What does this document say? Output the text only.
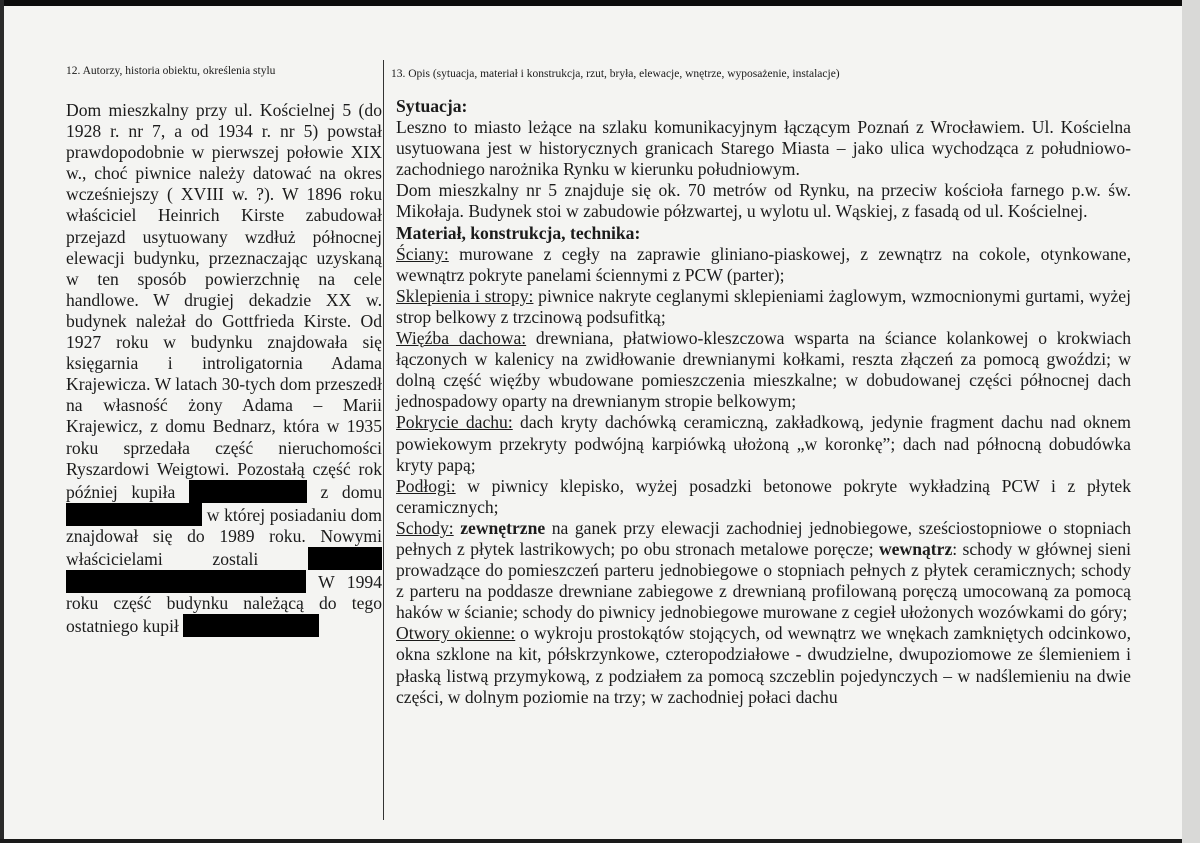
12. Autorzy, historia obiektu, określenia stylu	13. Opis (sytuacja, materiał i konstrukcja, rzut, bryła, elewacje, wnętrze, wyposażenie, instalacje)

Dom mieszkalny przy ul. Kościelnej 5 (do 1928 r. nr 7, a od 1934 r. nr 5) powstał prawdopodobnie w pierwszej połowie XIX w., choć piwnice należy datować na okres wcześniejszy ( XVIII w. ?). W 1896 roku właściciel Heinrich Kirste zabudował przejazd usytuowany wzdłuż północnej elewacji budynku, przeznaczając uzyskaną w ten sposób powierzchnię na cele handlowe. W drugiej dekadzie XX w. budynek należał do Gottfrieda Kirste. Od 1927 roku w budynku znajdowała się księgarnia i introligatornia Adama Krajewicza. W latach 30-tych dom przeszedł na własność żony Adama – Marii Krajewicz, z domu Bednarz, która w 1935 roku sprzedała część nieruchomości Ryszardowi Weigtowi. Pozostałą część rok później kupiła	z domu  w której posiadaniu dom znajdował się do 1989 roku. Nowymi właścicielami zostali   W 1994 roku część budynku należącą do tego ostatniego kupił

Sytuacja:

Leszno to miasto leżące na szlaku komunikacyjnym łączącym Poznań z Wrocławiem. Ul. Kościelna usytuowana jest w historycznych granicach Starego Miasta – jako ulica wychodząca z południowo-zachodniego narożnika Rynku w kierunku południowym.

Dom mieszkalny nr 5 znajduje się ok. 70 metrów od Rynku, na przeciw kościoła farnego p.w. św. Mikołaja. Budynek stoi w zabudowie półzwartej, u wylotu ul. Wąskiej, z fasadą od ul. Kościelnej.

Materiał, konstrukcja, technika:

Ściany: murowane z cegły na zaprawie gliniano-piaskowej, z zewnątrz na cokole, otynkowane, wewnątrz pokryte panelami ściennymi z PCW (parter);

Sklepienia i stropy: piwnice nakryte ceglanymi sklepieniami żaglowym, wzmocnionymi gurtami, wyżej strop belkowy z trzcinową podsufitką;

Więźba dachowa: drewniana, płatwiowo-kleszczowa wsparta na ściance kolankowej o krokwiach łączonych w kalenicy na zwidłowanie drewnianymi kołkami, reszta złączeń za pomocą gwoździ; w dolną część więźby wbudowane pomieszczenia mieszkalne; w dobudowanej części północnej dach jednospadowy oparty na drewnianym stropie belkowym;

Pokrycie dachu: dach kryty dachówką ceramiczną, zakładkową, jedynie fragment dachu nad oknem powiekowym przekryty podwójną karpiówką ułożoną „w koronkę”; dach nad północną dobudówka kryty papą;

Podłogi: w piwnicy klepisko, wyżej posadzki betonowe pokryte wykładziną PCW i z płytek ceramicznych;

Schody: zewnętrzne na ganek przy elewacji zachodniej jednobiegowe, sześciostopniowe o stopniach pełnych z płytek lastrikowych; po obu stronach metalowe poręcze; wewnątrz: schody w głównej sieni prowadzące do pomieszczeń parteru jednobiegowe o stopniach pełnych z płytek ceramicznych; schody z parteru na poddasze drewniane zabiegowe z drewnianą profilowaną poręczą umocowaną za pomocą haków w ścianie; schody do piwnicy jednobiegowe murowane z cegieł ułożonych wozówkami do góry;

Otwory okienne: o wykroju prostokątów stojących, od wewnątrz we wnękach zamkniętych odcinkowo, okna szklone na kit, półskrzynkowe, czteropodziałowe - dwudzielne, dwupoziomowe ze ślemieniem i płaską listwą przymykową, z podziałem za pomocą szczeblin pojedynczych – w nadślemieniu na dwie części, w dolnym poziomie na trzy; w zachodniej połaci dachu
